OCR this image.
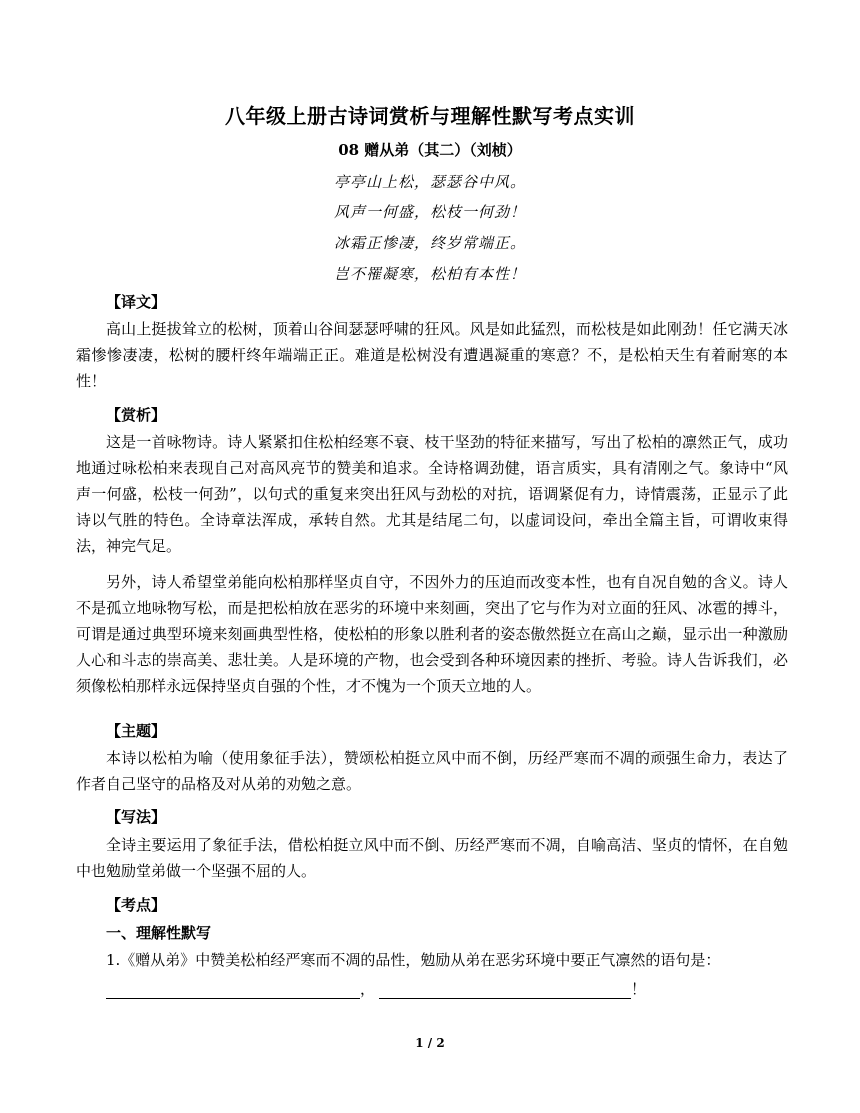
八年级上册古诗词赏析与理解性默写考点实训
08 赠从弟（其二）（刘桢）
亭亭山上松，瑟瑟谷中风。
风声一何盛，松枝一何劲！
冰霜正惨凄，终岁常端正。
岂不罹凝寒，松柏有本性！
【译文】
高山上挺拔耸立的松树，顶着山谷间瑟瑟呼啸的狂风。风是如此猛烈，而松枝是如此刚劲！任它满天冰霜惨惨凄凄，松树的腰杆终年端端正正。难道是松树没有遭遇凝重的寒意？不，是松柏天生有着耐寒的本性！
【赏析】
这是一首咏物诗。诗人紧紧扣住松柏经寒不衰、枝干坚劲的特征来描写，写出了松柏的凛然正气，成功地通过咏松柏来表现自己对高风亮节的赞美和追求。全诗格调劲健，语言质实，具有清刚之气。象诗中“风声一何盛，松枝一何劲”，以句式的重复来突出狂风与劲松的对抗，语调紧促有力，诗情震荡，正显示了此诗以气胜的特色。全诗章法浑成，承转自然。尤其是结尾二句，以虚词设问，牵出全篇主旨，可谓收束得法，神完气足。
另外，诗人希望堂弟能向松柏那样坚贞自守，不因外力的压迫而改变本性，也有自况自勉的含义。诗人不是孤立地咏物写松，而是把松柏放在恶劣的环境中来刻画，突出了它与作为对立面的狂风、冰雹的搏斗，可谓是通过典型环境来刻画典型性格，使松柏的形象以胜利者的姿态傲然挺立在高山之巅，显示出一种激励人心和斗志的崇高美、悲壮美。人是环境的产物，也会受到各种环境因素的挫折、考验。诗人告诉我们，必须像松柏那样永远保持坚贞自强的个性，才不愧为一个顶天立地的人。
【主题】
本诗以松柏为喻（使用象征手法），赞颂松柏挺立风中而不倒，历经严寒而不凋的顽强生命力，表达了作者自己坚守的品格及对从弟的劝勉之意。
【写法】
全诗主要运用了象征手法，借松柏挺立风中而不倒、历经严寒而不凋，自喻高洁、坚贞的情怀，在自勉中也勉励堂弟做一个坚强不屈的人。
【考点】
一、理解性默写
1.《赠从弟》中赞美松柏经严寒而不凋的品性，勉励从弟在恶劣环境中要正气凛然的语句是：
，	！
1 / 2
